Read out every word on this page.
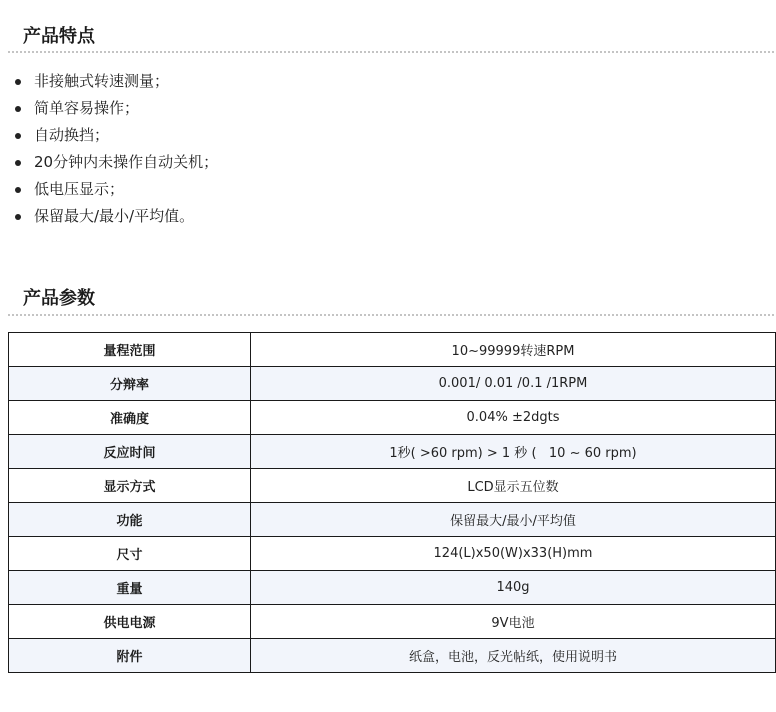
产品特点
非接触式转速测量；
简单容易操作；
自动换挡；
20分钟内未操作自动关机；
低电压显示；
保留最大/最小/平均值。
产品参数
量程范围	10~99999转速RPM
分辩率	0.001/ 0.01 /0.1 /1RPM
准确度	0.04% ±2dgts
反应时间	1秒( >60 rpm) > 1 秒 (   10 ~ 60 rpm)
显示方式	LCD显示五位数
功能	保留最大/最小/平均值
尺寸	124(L)x50(W)x33(H)mm
重量	140g
供电电源	9V电池
附件	纸盒，电池，反光帖纸，使用说明书
